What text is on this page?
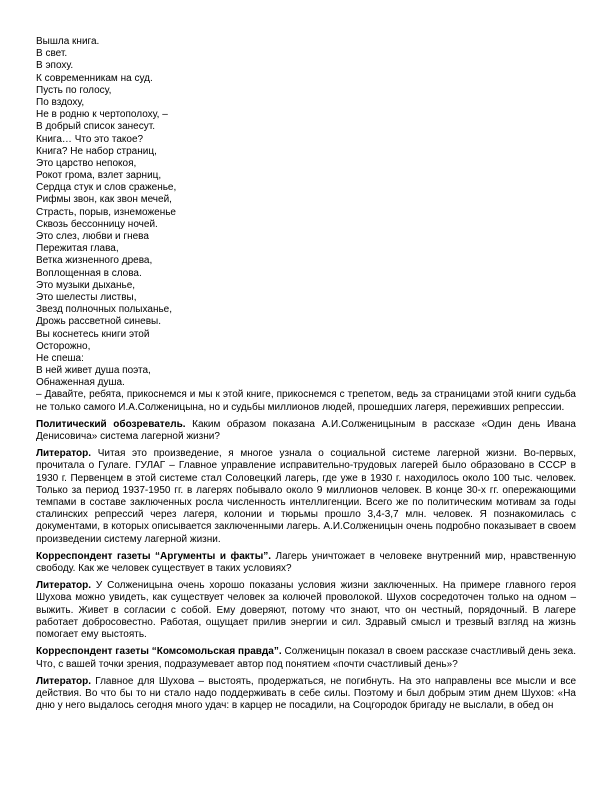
Вышла книга.
В свет.
В эпоху.
К современникам на суд.
Пусть по голосу,
По вздоху,
Не в родню к чертополоху, –
В добрый список занесут.
Книга… Что это такое?
Книга? Не набор страниц,
Это царство непокоя,
Рокот грома, взлет зарниц,
Сердца стук и слов сраженье,
Рифмы звон, как звон мечей,
Страсть, порыв, изнеможенье
Сквозь бессонницу ночей.
Это слез, любви и гнева
Пережитая глава,
Ветка жизненного древа,
Воплощенная в слова.
Это музыки дыханье,
Это шелесты листвы,
Звезд полночных полыханье,
Дрожь рассветной синевы.
Вы коснетесь книги этой
Осторожно,
Не спеша:
В ней живет душа поэта,
Обнаженная душа.

– Давайте, ребята, прикоснемся и мы к этой книге, прикоснемся с трепетом, ведь за страницами этой книги судьба не только самого И.А.Солженицына, но и судьбы миллионов людей, прошедших лагеря, переживших репрессии.

Политический обозреватель. Каким образом показана А.И.Солженицыным в рассказе «Один день Ивана Денисовича» система лагерной жизни?

Литератор. Читая это произведение, я многое узнала о социальной системе лагерной жизни. Во-первых, прочитала о Гулаге. ГУЛАГ – Главное управление исправительно-трудовых лагерей было образовано в СССР в 1930 г. Первенцем в этой системе стал Соловецкий лагерь, где уже в 1930 г. находилось около 100 тыс. человек. Только за период 1937-1950 гг. в лагерях побывало около 9 миллионов человек. В конце 30-х гг. опережающими темпами в составе заключенных росла численность интеллигенции. Всего же по политическим мотивам за годы сталинских репрессий через лагеря, колонии и тюрьмы прошло 3,4-3,7 млн. человек. Я познакомилась с документами, в которых описывается заключенными лагерь. А.И.Солженицын очень подробно показывает в своем произведении систему лагерной жизни.

Корреспондент газеты “Аргументы и факты”. Лагерь уничтожает в человеке внутренний мир, нравственную свободу. Как же человек существует в таких условиях?

Литератор. У Солженицына очень хорошо показаны условия жизни заключенных. На примере главного героя Шухова можно увидеть, как существует человек за колючей проволокой. Шухов сосредоточен только на одном – выжить. Живет в согласии с собой. Ему доверяют, потому что знают, что он честный, порядочный. В лагере работает добросовестно. Работая, ощущает прилив энергии и сил. Здравый смысл и трезвый взгляд на жизнь помогает ему выстоять.

Корреспондент газеты “Комсомольская правда”. Солженицын показал в своем рассказе счастливый день зека. Что, с вашей точки зрения, подразумевает автор под понятием «почти счастливый день»?

Литератор. Главное для Шухова – выстоять, продержаться, не погибнуть. На это направлены все мысли и все действия. Во что бы то ни стало надо поддерживать в себе силы. Поэтому и был добрым этим днем Шухов: «На дню у него выдалось сегодня много удач: в карцер не посадили, на Соцгородок бригаду не выслали, в обед он
